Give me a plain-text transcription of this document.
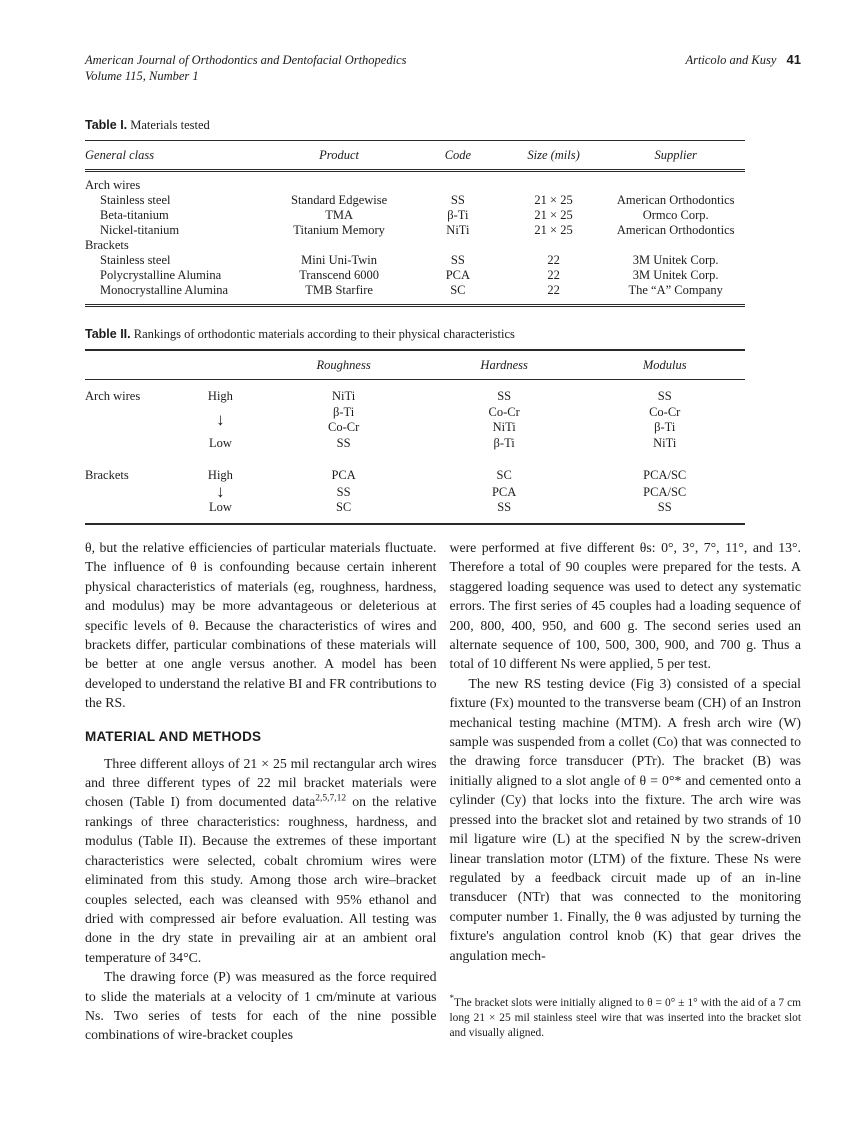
American Journal of Orthodontics and Dentofacial Orthopedics
Volume 115, Number 1
Articolo and Kusy 41
Table I. Materials tested
General class	Product	Code	Size (mils)	Supplier
Arch wires				
Stainless steel	Standard Edgewise	SS	21 × 25	American Orthodontics
Beta-titanium	TMA	β-Ti	21 × 25	Ormco Corp.
Nickel-titanium	Titanium Memory	NiTi	21 × 25	American Orthodontics
Brackets				
Stainless steel	Mini Uni-Twin	SS	22	3M Unitek Corp.
Polycrystalline Alumina	Transcend 6000	PCA	22	3M Unitek Corp.
Monocrystalline Alumina	TMB Starfire	SC	22	The “A” Company
Table II. Rankings of orthodontic materials according to their physical characteristics
		Roughness	Hardness	Modulus
Arch wires	High	NiTi	SS	SS
	↓	β-Ti	Co-Cr	Co-Cr
		Co-Cr	NiTi	β-Ti
	Low	SS	β-Ti	NiTi

Brackets	High	PCA	SC	PCA/SC
	↓	SS	PCA	PCA/SC
	Low	SC	SS	SS

θ, but the relative efficiencies of particular materials fluctuate. The influence of θ is confounding because certain inherent physical characteristics of materials (eg, roughness, hardness, and modulus) may be more advantageous or deleterious at specific levels of θ. Because the characteristics of wires and brackets differ, particular combinations of these materials will be better at one angle versus another. A model has been developed to understand the relative BI and FR contributions to the RS.

MATERIAL AND METHODS

Three different alloys of 21 × 25 mil rectangular arch wires and three different types of 22 mil bracket materials were chosen (Table I) from documented data$^{2,5,7,12}$ on the relative rankings of three characteristics: roughness, hardness, and modulus (Table II). Because the extremes of these important characteristics were selected, cobalt chromium wires were eliminated from this study. Among those arch wire–bracket couples selected, each was cleansed with 95% ethanol and dried with compressed air before evaluation. All testing was done in the dry state in prevailing air at an ambient oral temperature of 34°C.

The drawing force (P) was measured as the force required to slide the materials at a velocity of 1 cm/minute at various Ns. Two series of tests for each of the nine possible combinations of wire-bracket couples

were performed at five different θs: 0°, 3°, 7°, 11°, and 13°. Therefore a total of 90 couples were prepared for the tests. A staggered loading sequence was used to detect any systematic errors. The first series of 45 couples had a loading sequence of 200, 800, 400, 950, and 600 g. The second series used an alternate sequence of 100, 500, 300, 900, and 700 g. Thus a total of 10 different Ns were applied, 5 per test.

The new RS testing device (Fig 3) consisted of a special fixture (Fx) mounted to the transverse beam (CH) of an Instron mechanical testing machine (MTM). A fresh arch wire (W) sample was suspended from a collet (Co) that was connected to the drawing force transducer (PTr). The bracket (B) was initially aligned to a slot angle of θ = 0°* and cemented onto a cylinder (Cy) that locks into the fixture. The arch wire was pressed into the bracket slot and retained by two strands of 10 mil ligature wire (L) at the specified N by the screw-driven linear translation motor (LTM) of the fixture. These Ns were regulated by a feedback circuit made up of an in-line transducer (NTr) that was connected to the monitoring computer number 1. Finally, the θ was adjusted by turning the fixture's angulation control knob (K) that gear drives the angulation mech-

*The bracket slots were initially aligned to θ = 0° ± 1° with the aid of a 7 cm long 21 × 25 mil stainless steel wire that was inserted into the bracket slot and visually aligned.
